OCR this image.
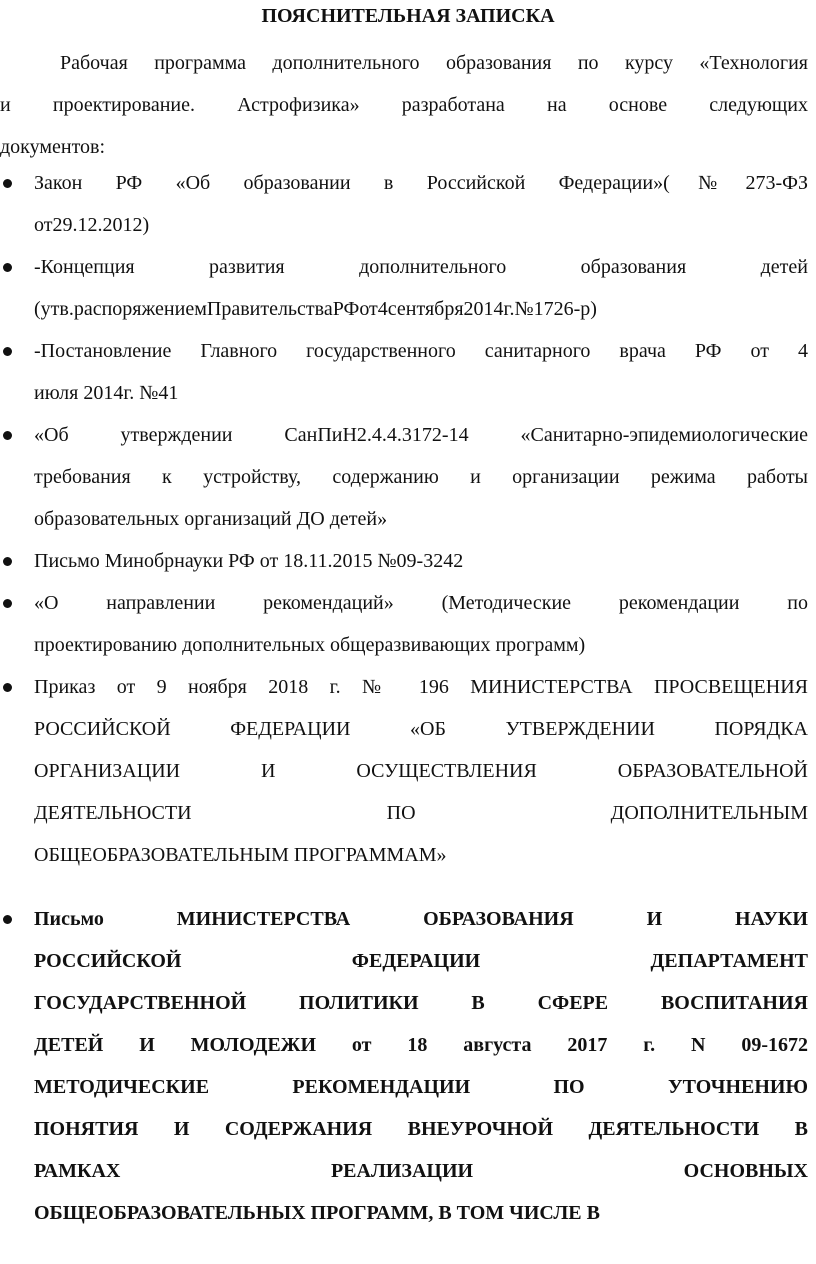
ПОЯСНИТЕЛЬНАЯ ЗАПИСКА
Рабочая программа дополнительного образования по курсу «Технология
и проектирование. Астрофизика» разработана на основе следующих
документов:
Закон РФ «Об образовании в Российской Федерации»(№273-ФЗ
от29.12.2012)
-Концепция развития дополнительного образования детей
(утв.распоряжениемПравительстваРФот4сентября2014г.№1726-р)
-Постановление Главного государственного санитарного врача РФ от 4
июля 2014г. №41
«Об утверждении СанПиН2.4.4.3172-14 «Санитарно-эпидемиологические
требования к устройству, содержанию и организации режима работы
образовательных организаций ДО детей»
Письмо Минобрнауки РФ от 18.11.2015 №09-3242
«О направлении рекомендаций» (Методические рекомендации по
проектированию дополнительных общеразвивающих программ)
Приказ от 9 ноября 2018 г. № 196 МИНИСТЕРСТВА ПРОСВЕЩЕНИЯ
РОССИЙСКОЙ ФЕДЕРАЦИИ «ОБ УТВЕРЖДЕНИИ ПОРЯДКА
ОРГАНИЗАЦИИ И ОСУЩЕСТВЛЕНИЯ ОБРАЗОВАТЕЛЬНОЙ
ДЕЯТЕЛЬНОСТИ ПО ДОПОЛНИТЕЛЬНЫМ
ОБЩЕОБРАЗОВАТЕЛЬНЫМ ПРОГРАММАМ»
Письмо МИНИСТЕРСТВА ОБРАЗОВАНИЯ И НАУКИ
РОССИЙСКОЙ ФЕДЕРАЦИИ ДЕПАРТАМЕНТ
ГОСУДАРСТВЕННОЙ ПОЛИТИКИ В СФЕРЕ ВОСПИТАНИЯ
ДЕТЕЙ И МОЛОДЕЖИ от 18 августа 2017 г. N 09-1672
МЕТОДИЧЕСКИЕ РЕКОМЕНДАЦИИ ПО УТОЧНЕНИЮ
ПОНЯТИЯ И СОДЕРЖАНИЯ ВНЕУРОЧНОЙ ДЕЯТЕЛЬНОСТИ В
РАМКАХ РЕАЛИЗАЦИИ ОСНОВНЫХ
ОБЩЕОБРАЗОВАТЕЛЬНЫХ ПРОГРАММ, В ТОМ ЧИСЛЕ В
